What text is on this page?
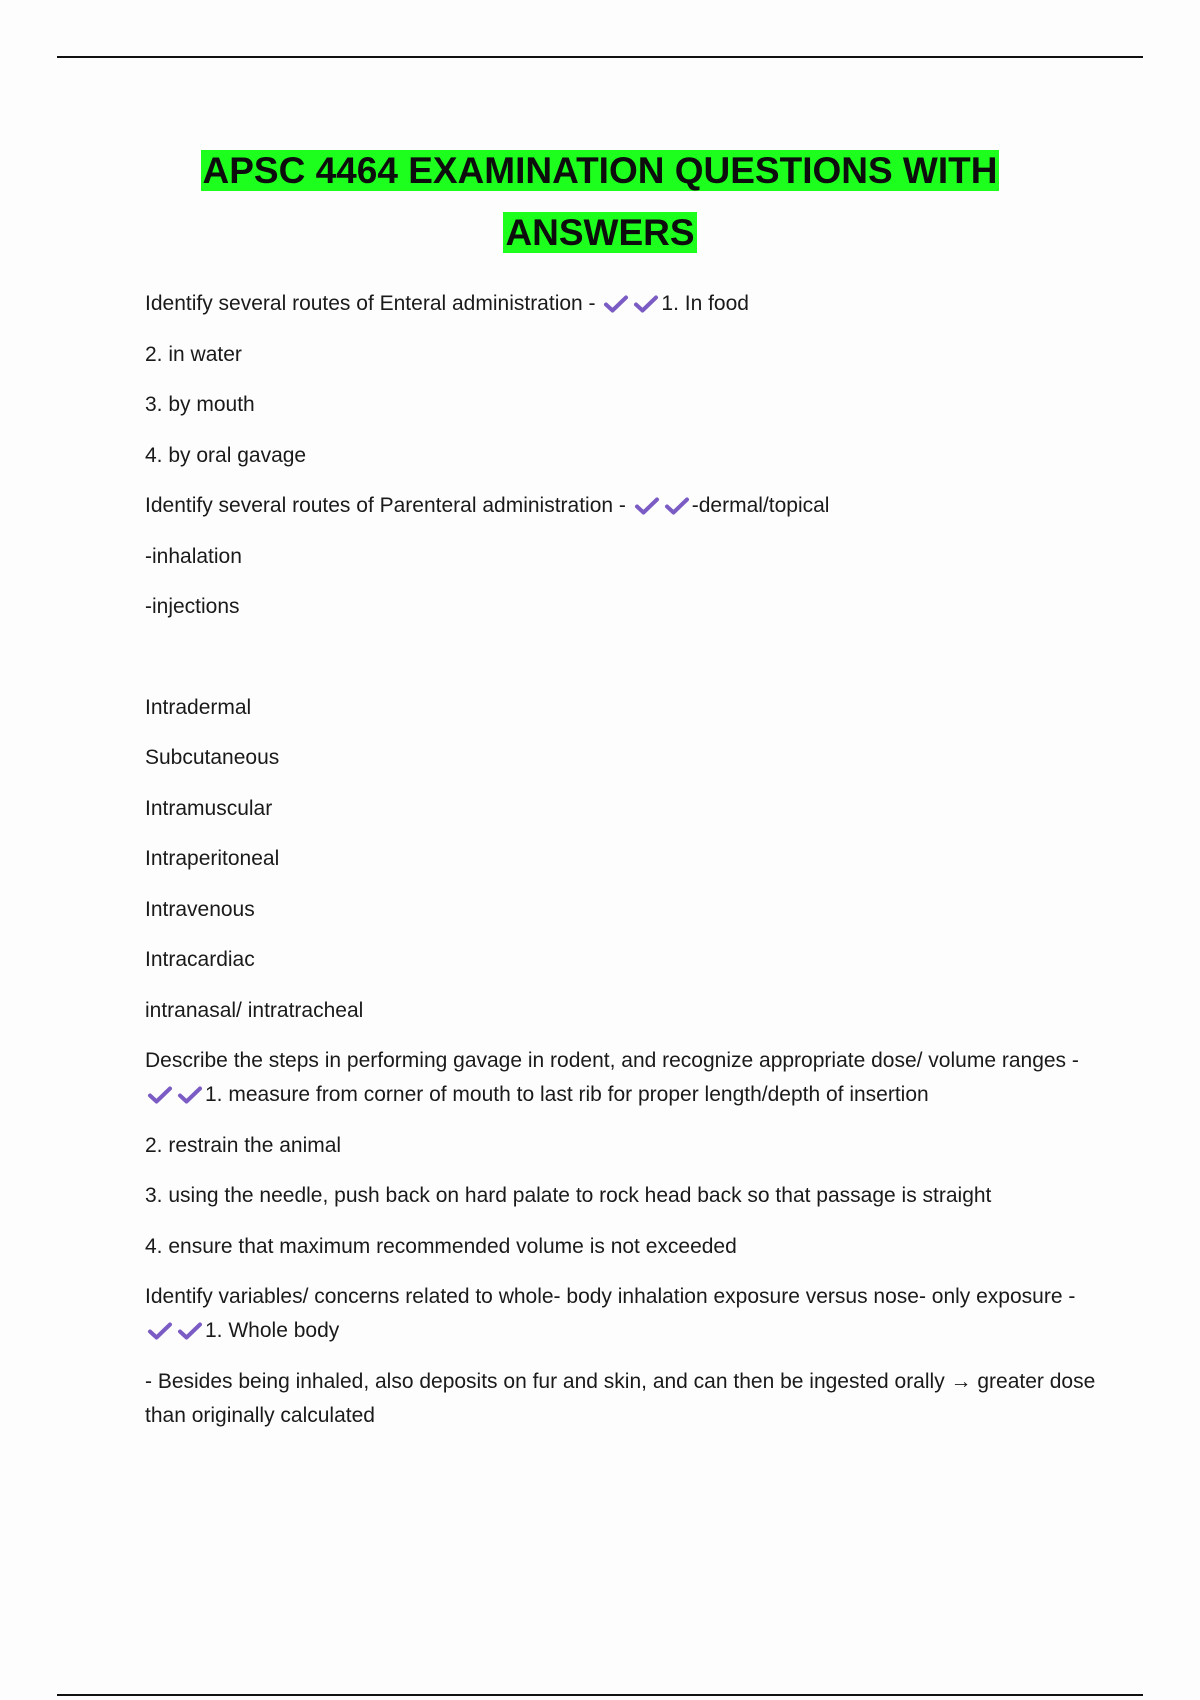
APSC 4464 EXAMINATION QUESTIONS WITH
ANSWERS
Identify several routes of Enteral administration -	1. In food
2. in water
3. by mouth
4. by oral gavage
Identify several routes of Parenteral administration -	-dermal/topical
-inhalation
-injections
Intradermal
Subcutaneous
Intramuscular
Intraperitoneal
Intravenous
Intracardiac
intranasal/ intratracheal
Describe the steps in performing gavage in rodent, and recognize appropriate dose/ volume ranges -
1. measure from corner of mouth to last rib for proper length/depth of insertion
2. restrain the animal
3. using the needle, push back on hard palate to rock head back so that passage is straight
4. ensure that maximum recommended volume is not exceeded
Identify variables/ concerns related to whole- body inhalation exposure versus nose- only exposure -
1. Whole body
- Besides being inhaled, also deposits on fur and skin, and can then be ingested orally → greater dose than originally calculated
